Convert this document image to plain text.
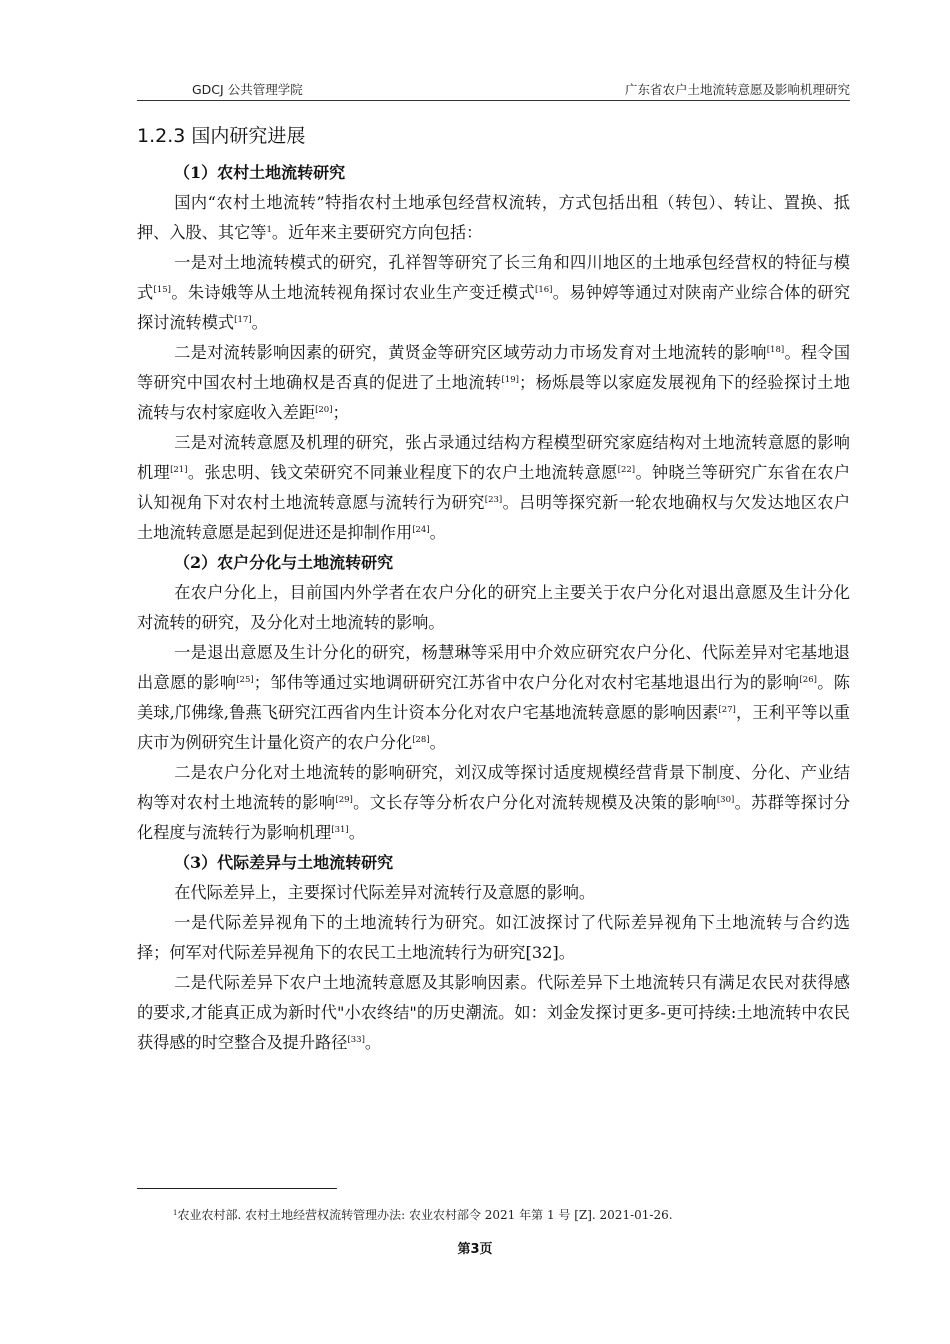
GDCJ 公共管理学院	广东省农户土地流转意愿及影响机理研究
1.2.3 国内研究进展
（1）农村土地流转研究

国内“农村土地流转”特指农村土地承包经营权流转，方式包括出租（转包）、转让、置换、抵押、入股、其它等$^1$。近年来主要研究方向包括：

一是对土地流转模式的研究，孔祥智等研究了长三角和四川地区的土地承包经营权的特征与模式[15]。朱诗娥等从土地流转视角探讨农业生产变迁模式[16]。易钟婷等通过对陕南产业综合体的研究探讨流转模式[17]。

二是对流转影响因素的研究，黄贤金等研究区域劳动力市场发育对土地流转的影响[18]。程令国等研究中国农村土地确权是否真的促进了土地流转[19]；杨烁晨等以家庭发展视角下的经验探讨土地流转与农村家庭收入差距[20]；

三是对流转意愿及机理的研究，张占录通过结构方程模型研究家庭结构对土地流转意愿的影响机理[21]。张忠明、钱文荣研究不同兼业程度下的农户土地流转意愿[22]。钟晓兰等研究广东省在农户认知视角下对农村土地流转意愿与流转行为研究[23]。吕明等探究新一轮农地确权与欠发达地区农户土地流转意愿是起到促进还是抑制作用[24]。

（2）农户分化与土地流转研究

在农户分化上，目前国内外学者在农户分化的研究上主要关于农户分化对退出意愿及生计分化对流转的研究，及分化对土地流转的影响。

一是退出意愿及生计分化的研究，杨慧琳等采用中介效应研究农户分化、代际差异对宅基地退出意愿的影响[25]；邹伟等通过实地调研研究江苏省中农户分化对农村宅基地退出行为的影响[26]。陈美球,邝佛缘,鲁燕飞研究江西省内生计资本分化对农户宅基地流转意愿的影响因素[27]，王利平等以重庆市为例研究生计量化资产的农户分化[28]。

二是农户分化对土地流转的影响研究，刘汉成等探讨适度规模经营背景下制度、分化、产业结构等对农村土地流转的影响[29]。文长存等分析农户分化对流转规模及决策的影响[30]。苏群等探讨分化程度与流转行为影响机理[31]。

（3）代际差异与土地流转研究

在代际差异上，主要探讨代际差异对流转行及意愿的影响。

一是代际差异视角下的土地流转行为研究。如江波探讨了代际差异视角下土地流转与合约选择；何军对代际差异视角下的农民工土地流转行为研究[32]。

二是代际差异下农户土地流转意愿及其影响因素。代际差异下土地流转只有满足农民对获得感的要求,才能真正成为新时代"小农终结"的历史潮流。如：刘金发探讨更多-更可持续:土地流转中农民获得感的时空整合及提升路径[33]。

$^1$农业农村部. 农村土地经营权流转管理办法: 农业农村部令 2021 年第 1 号 [Z]. 2021-01-26.
第3页
